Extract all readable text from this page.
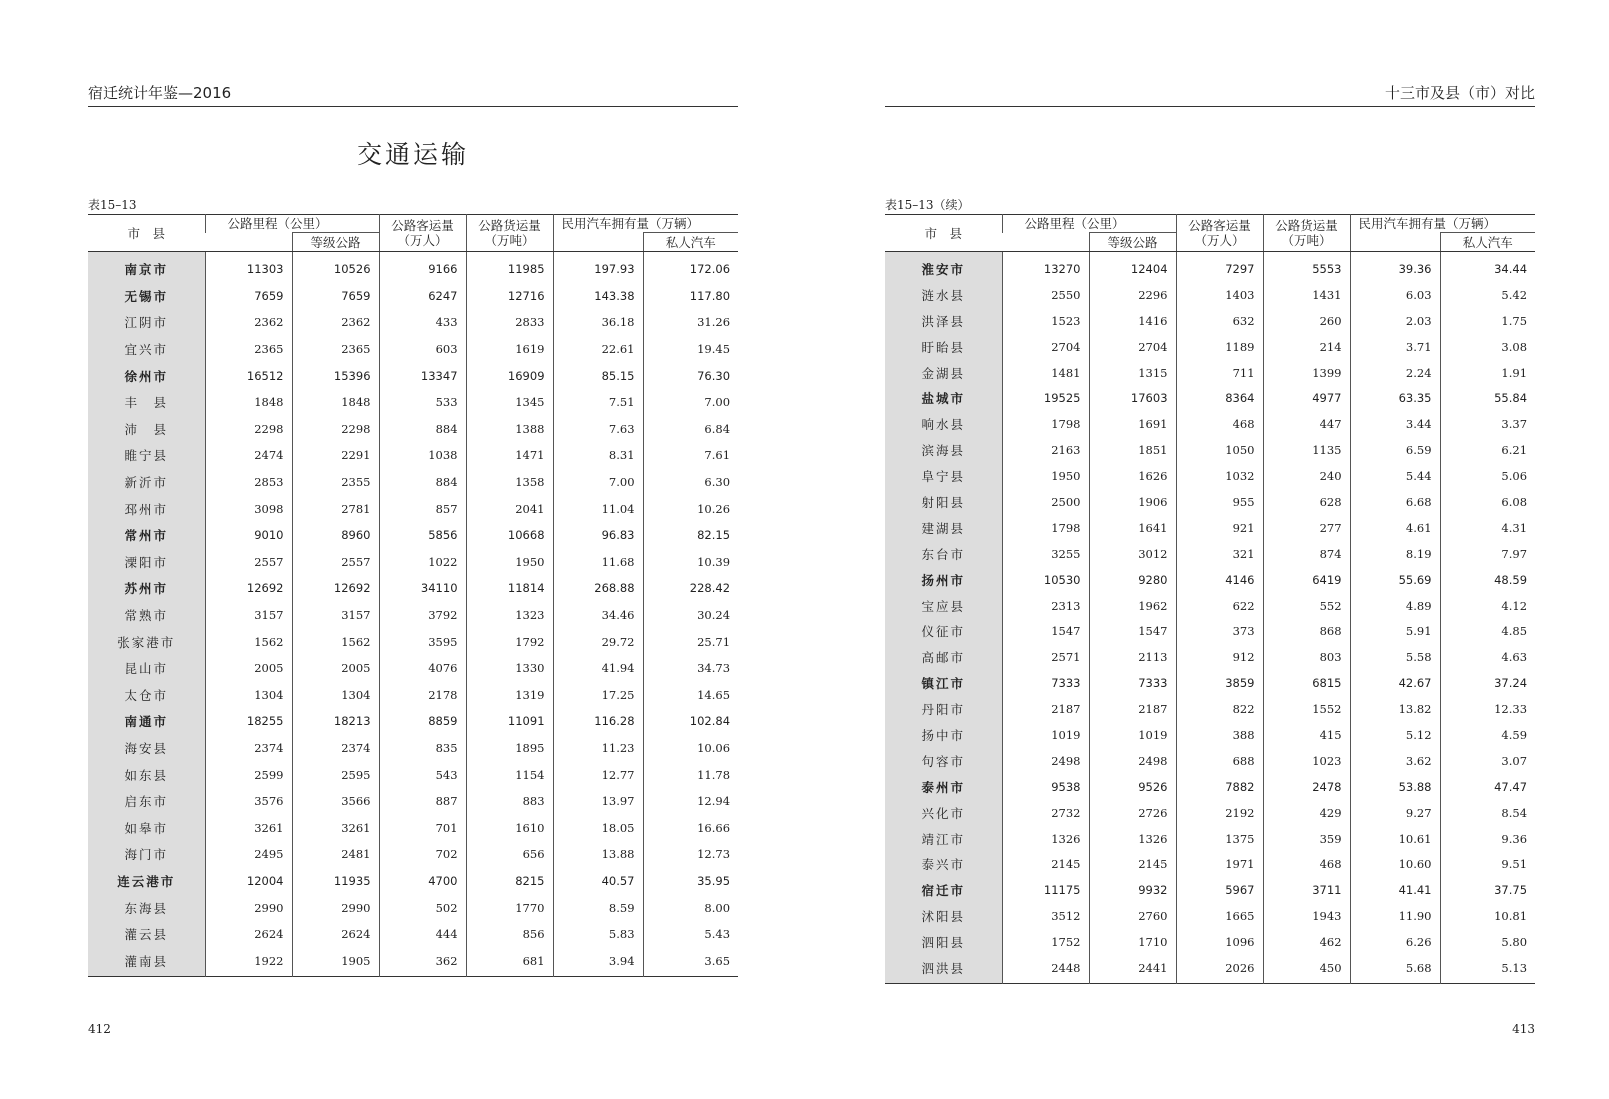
宿迁统计年鉴—2016
交通运输
表15–13
市　县	公路里程（公里）		公路客运量（万人）	公路货运量（万吨）	民用汽车拥有量（万辆）	
		等级公路				私人汽车
南京市	11303	10526	9166	11985	197.93	172.06
无锡市	7659	7659	6247	12716	143.38	117.80
江阴市	2362	2362	433	2833	36.18	31.26
宜兴市	2365	2365	603	1619	22.61	19.45
徐州市	16512	15396	13347	16909	85.15	76.30
丰　县	1848	1848	533	1345	7.51	7.00
沛　县	2298	2298	884	1388	7.63	6.84
睢宁县	2474	2291	1038	1471	8.31	7.61
新沂市	2853	2355	884	1358	7.00	6.30
邳州市	3098	2781	857	2041	11.04	10.26
常州市	9010	8960	5856	10668	96.83	82.15
溧阳市	2557	2557	1022	1950	11.68	10.39
苏州市	12692	12692	34110	11814	268.88	228.42
常熟市	3157	3157	3792	1323	34.46	30.24
张家港市	1562	1562	3595	1792	29.72	25.71
昆山市	2005	2005	4076	1330	41.94	34.73
太仓市	1304	1304	2178	1319	17.25	14.65
南通市	18255	18213	8859	11091	116.28	102.84
海安县	2374	2374	835	1895	11.23	10.06
如东县	2599	2595	543	1154	12.77	11.78
启东市	3576	3566	887	883	13.97	12.94
如皋市	3261	3261	701	1610	18.05	16.66
海门市	2495	2481	702	656	13.88	12.73
连云港市	12004	11935	4700	8215	40.57	35.95
东海县	2990	2990	502	1770	8.59	8.00
灌云县	2624	2624	444	856	5.83	5.43
灌南县	1922	1905	362	681	3.94	3.65
412
十三市及县（市）对比
表15–13（续）
市　县	公路里程（公里）		公路客运量（万人）	公路货运量（万吨）	民用汽车拥有量（万辆）	
		等级公路				私人汽车
淮安市	13270	12404	7297	5553	39.36	34.44
涟水县	2550	2296	1403	1431	6.03	5.42
洪泽县	1523	1416	632	260	2.03	1.75
盱眙县	2704	2704	1189	214	3.71	3.08
金湖县	1481	1315	711	1399	2.24	1.91
盐城市	19525	17603	8364	4977	63.35	55.84
响水县	1798	1691	468	447	3.44	3.37
滨海县	2163	1851	1050	1135	6.59	6.21
阜宁县	1950	1626	1032	240	5.44	5.06
射阳县	2500	1906	955	628	6.68	6.08
建湖县	1798	1641	921	277	4.61	4.31
东台市	3255	3012	321	874	8.19	7.97
扬州市	10530	9280	4146	6419	55.69	48.59
宝应县	2313	1962	622	552	4.89	4.12
仪征市	1547	1547	373	868	5.91	4.85
高邮市	2571	2113	912	803	5.58	4.63
镇江市	7333	7333	3859	6815	42.67	37.24
丹阳市	2187	2187	822	1552	13.82	12.33
扬中市	1019	1019	388	415	5.12	4.59
句容市	2498	2498	688	1023	3.62	3.07
泰州市	9538	9526	7882	2478	53.88	47.47
兴化市	2732	2726	2192	429	9.27	8.54
靖江市	1326	1326	1375	359	10.61	9.36
泰兴市	2145	2145	1971	468	10.60	9.51
宿迁市	11175	9932	5967	3711	41.41	37.75
沭阳县	3512	2760	1665	1943	11.90	10.81
泗阳县	1752	1710	1096	462	6.26	5.80
泗洪县	2448	2441	2026	450	5.68	5.13
413
